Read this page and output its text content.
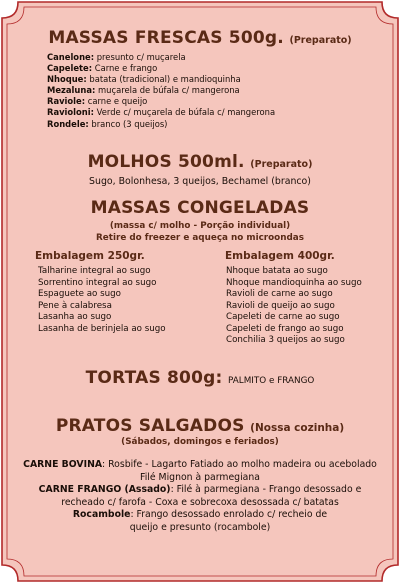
MASSAS FRESCAS 500g. (Preparato)
Canelone: presunto c/ muçarela
Capelete: Carne e frango
Nhoque: batata (tradicional) e mandioquinha
Mezaluna: muçarela de búfala c/ mangerona
Raviole: carne e queijo
Ravioloni: Verde c/ muçarela de búfala c/ mangerona
Rondele: branco (3 queijos)
MOLHOS 500ml. (Preparato)
Sugo, Bolonhesa, 3 queijos, Bechamel (branco)
MASSAS CONGELADAS
(massa c/ molho - Porção individual)
Retire do freezer e aqueça no microondas
Embalagem 250gr.
Talharine integral ao sugo
Sorrentino integral ao sugo
Espaguete ao sugo
Pene à calabresa
Lasanha ao sugo
Lasanha de berinjela ao sugo
Embalagem 400gr.
Nhoque batata ao sugo
Nhoque mandioquinha ao sugo
Ravioli de carne ao sugo
Ravioli de queijo ao sugo
Capeleti de carne ao sugo
Capeleti de frango ao sugo
Conchilia 3 queijos ao sugo
TORTAS 800g: PALMITO e FRANGO
PRATOS SALGADOS (Nossa cozinha)
(Sábados, domingos e feriados)
CARNE BOVINA: Rosbife - Lagarto Fatiado ao molho madeira ou acebolado
Filé Mignon à parmegiana
CARNE FRANGO (Assado): Filé à parmegiana - Frango desossado e
recheado c/ farofa - Coxa e sobrecoxa desossada c/ batatas
Rocambole: Frango desossado enrolado c/ recheio de
queijo e presunto (rocambole)
